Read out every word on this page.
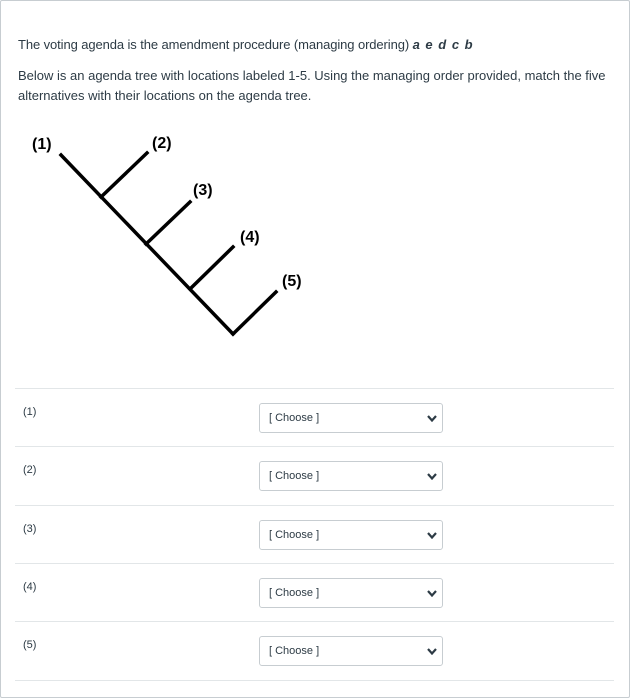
The voting agenda is the amendment procedure (managing ordering) a e d c b
Below is an agenda tree with locations labeled 1-5. Using the managing order provided, match the five alternatives with their locations on the agenda tree.
(1)	(2)
(3)
(4)
(5)
(1)	[ Choose ]
(2)	[ Choose ]
(3)	[ Choose ]
(4)	[ Choose ]
(5)	[ Choose ]
